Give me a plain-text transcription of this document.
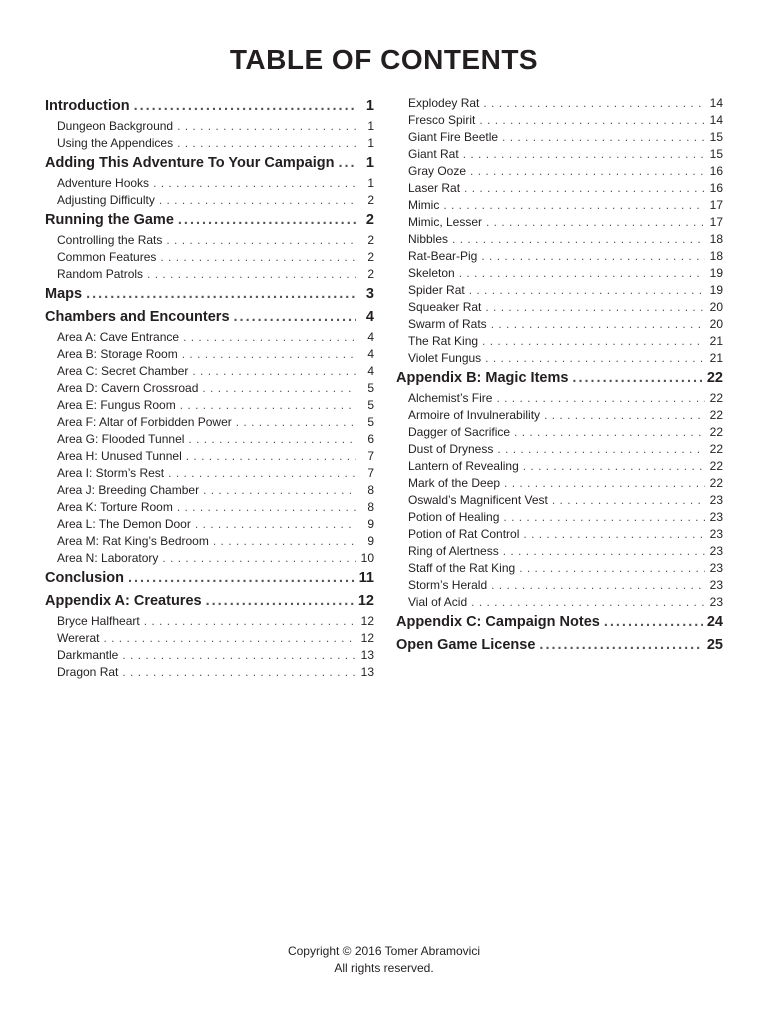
TABLE OF CONTENTS
Introduction .....	1
Dungeon Background . . .	1
Using the Appendices . . .	1
Adding This Adventure To Your Campaign .....	1
Adventure Hooks . . .	1
Adjusting Difficulty . . .	2
Running the Game .....	2
Controlling the Rats . . .	2
Common Features . . .	2
Random Patrols . . .	2
Maps .....	3
Chambers and Encounters .....	4
Area A: Cave Entrance . . .	4
Area B: Storage Room . . .	4
Area C: Secret Chamber . . .	4
Area D: Cavern Crossroad . . .	5
Area E: Fungus Room . . .	5
Area F: Altar of Forbidden Power . . .	5
Area G: Flooded Tunnel . . .	6
Area H: Unused Tunnel . . .	7
Area I: Storm’s Rest . . .	7
Area J: Breeding Chamber . . .	8
Area K: Torture Room . . .	8
Area L: The Demon Door . . .	9
Area M: Rat King’s Bedroom . . .	9
Area N: Laboratory . . .	10
Conclusion .....	11
Appendix A: Creatures .....	12
Bryce Halfheart . . .	12
Wererat . . .	12
Darkmantle . . .	13
Dragon Rat . . .	13
Explodey Rat . . .	14
Fresco Spirit . . .	14
Giant Fire Beetle . . .	15
Giant Rat . . .	15
Gray Ooze . . .	16
Laser Rat . . .	16
Mimic . . .	17
Mimic, Lesser . . .	17
Nibbles . . .	18
Rat-Bear-Pig . . .	18
Skeleton . . .	19
Spider Rat . . .	19
Squeaker Rat . . .	20
Swarm of Rats . . .	20
The Rat King . . .	21
Violet Fungus . . .	21
Appendix B: Magic Items .....	22
Alchemist’s Fire . . .	22
Armoire of Invulnerability . . .	22
Dagger of Sacrifice . . .	22
Dust of Dryness . . .	22
Lantern of Revealing . . .	22
Mark of the Deep . . .	22
Oswald’s Magnificent Vest . . .	23
Potion of Healing . . .	23
Potion of Rat Control . . .	23
Ring of Alertness . . .	23
Staff of the Rat King . . .	23
Storm’s Herald . . .	23
Vial of Acid . . .	23
Appendix C: Campaign Notes .....	24
Open Game License .....	25
Copyright © 2016 Tomer Abramovici
All rights reserved.
